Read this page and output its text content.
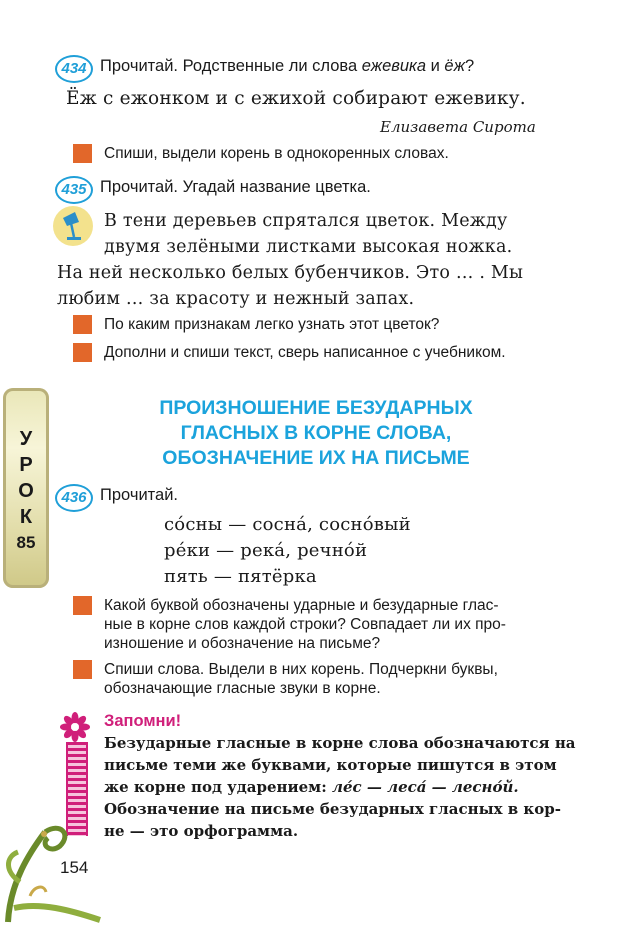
434 Прочитай. Родственные ли слова ежевика и ёж?
Ёж с ежонком и с ежихой собирают ежевику.
Елизавета Сирота
Спиши, выдели корень в однокоренных словах.
435 Прочитай. Угадай название цветка.
В тени деревьев спрятался цветок. Между
двумя зелёными листками высокая ножка.
На ней несколько белых бубенчиков. Это … . Мы
любим … за красоту и нежный запах.
По каким признакам легко узнать этот цветок?
Дополни и спиши текст, сверь написанное с учебником.
У
Р
О
К
85
ПРОИЗНОШЕНИЕ БЕЗУДАРНЫХ
ГЛАСНЫХ В КОРНЕ СЛОВА,
ОБОЗНАЧЕНИЕ ИХ НА ПИСЬМЕ
436 Прочитай.
со́сны — сосна́, сосно́вый
ре́ки — река́, речно́й
пять — пятёрка
Какой буквой обозначены ударные и безударные глас-
ные в корне слов каждой строки? Совпадает ли их про-
изношение и обозначение на письме?
Спиши слова. Выдели в них корень. Подчеркни буквы,
обозначающие гласные звуки в корне.
Запомни!
Безударные гласные в корне слова обозначаются на
письме теми же буквами, которые пишутся в этом
же корне под ударением: ле́с — леса́ — лесно́й.
Обозначение на письме безударных гласных в кор-
не — это орфограмма.
154
